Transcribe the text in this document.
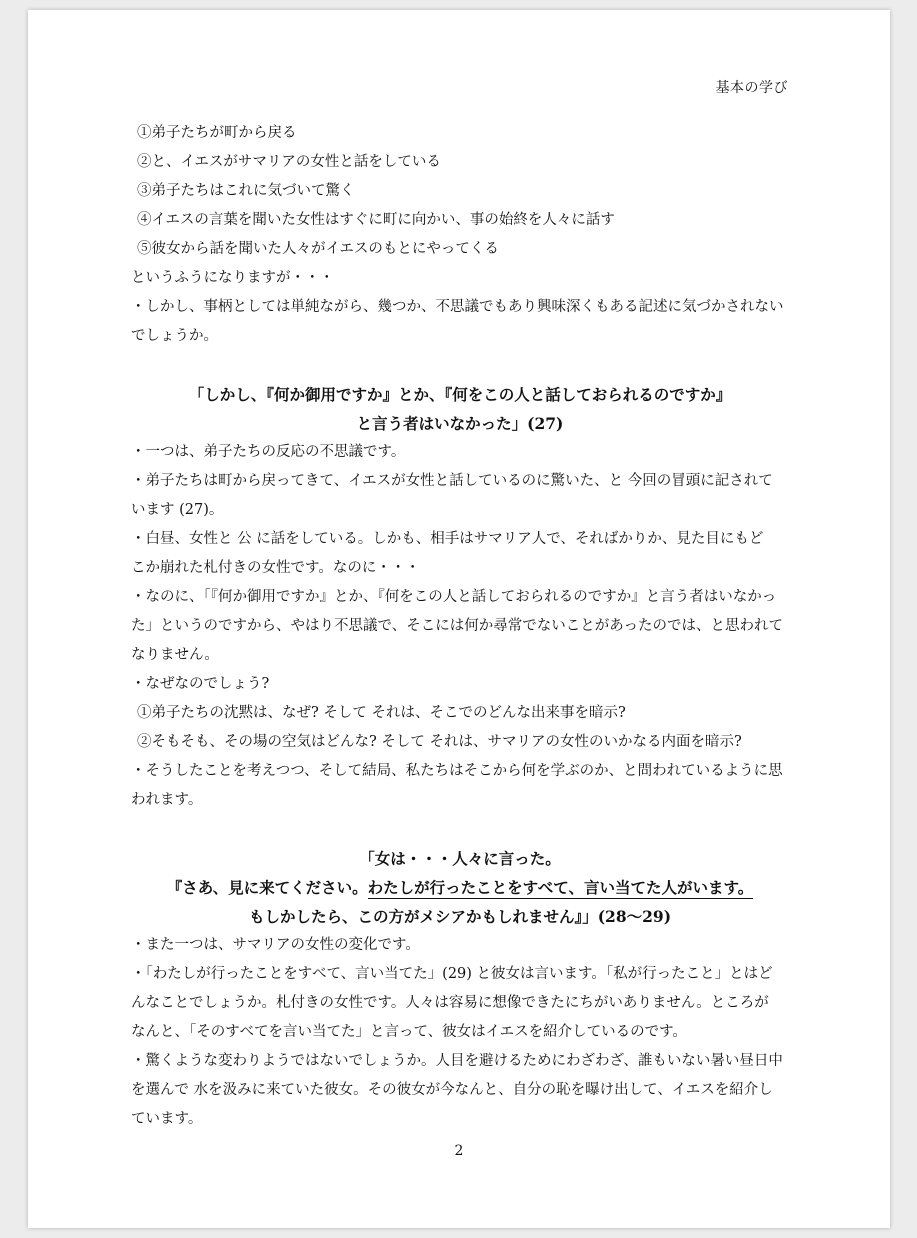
基本の学び
①弟子たちが町から戻る
②と、イエスがサマリアの女性と話をしている
③弟子たちはこれに気づいて驚く
④イエスの言葉を聞いた女性はすぐに町に向かい、事の始終を人々に話す
⑤彼女から話を聞いた人々がイエスのもとにやってくる
というふうになりますが・・・
・しかし、事柄としては単純ながら、幾つか、不思議でもあり興味深くもある記述に気づかされない
でしょうか。
「しかし、『何か御用ですか』とか、『何をこの人と話しておられるのですか』
と言う者はいなかった」(27)
・一つは、弟子たちの反応の不思議です。
・弟子たちは町から戻ってきて、イエスが女性と話しているのに驚いた、と 今回の冒頭に記されて
います (27)。
・白昼、女性と 公 に話をしている。しかも、相手はサマリア人で、そればかりか、見た目にもど
こか崩れた札付きの女性です。なのに・・・
・なのに、「『何か御用ですか』とか、『何をこの人と話しておられるのですか』と言う者はいなかっ
た」というのですから、やはり不思議で、そこには何か尋常でないことがあったのでは、と思われて
なりません。
・なぜなのでしょう?
①弟子たちの沈黙は、なぜ? そして それは、そこでのどんな出来事を暗示?
②そもそも、その場の空気はどんな? そして それは、サマリアの女性のいかなる内面を暗示?
・そうしたことを考えつつ、そして結局、私たちはそこから何を学ぶのか、と問われているように思
われます。
「女は・・・人々に言った。
『さあ、見に来てください。わたしが行ったことをすべて、言い当てた人がいます。
もしかしたら、この方がメシアかもしれません』」(28〜29)
・また一つは、サマリアの女性の変化です。
・「わたしが行ったことをすべて、言い当てた」(29) と彼女は言います。「私が行ったこと」とはど
んなことでしょうか。札付きの女性です。人々は容易に想像できたにちがいありません。ところが
なんと、「そのすべてを言い当てた」と言って、彼女はイエスを紹介しているのです。
・驚くような変わりようではないでしょうか。人目を避けるためにわざわざ、誰もいない暑い昼日中
を選んで 水を汲みに来ていた彼女。その彼女が今なんと、自分の恥を曝け出して、イエスを紹介し
ています。
2
